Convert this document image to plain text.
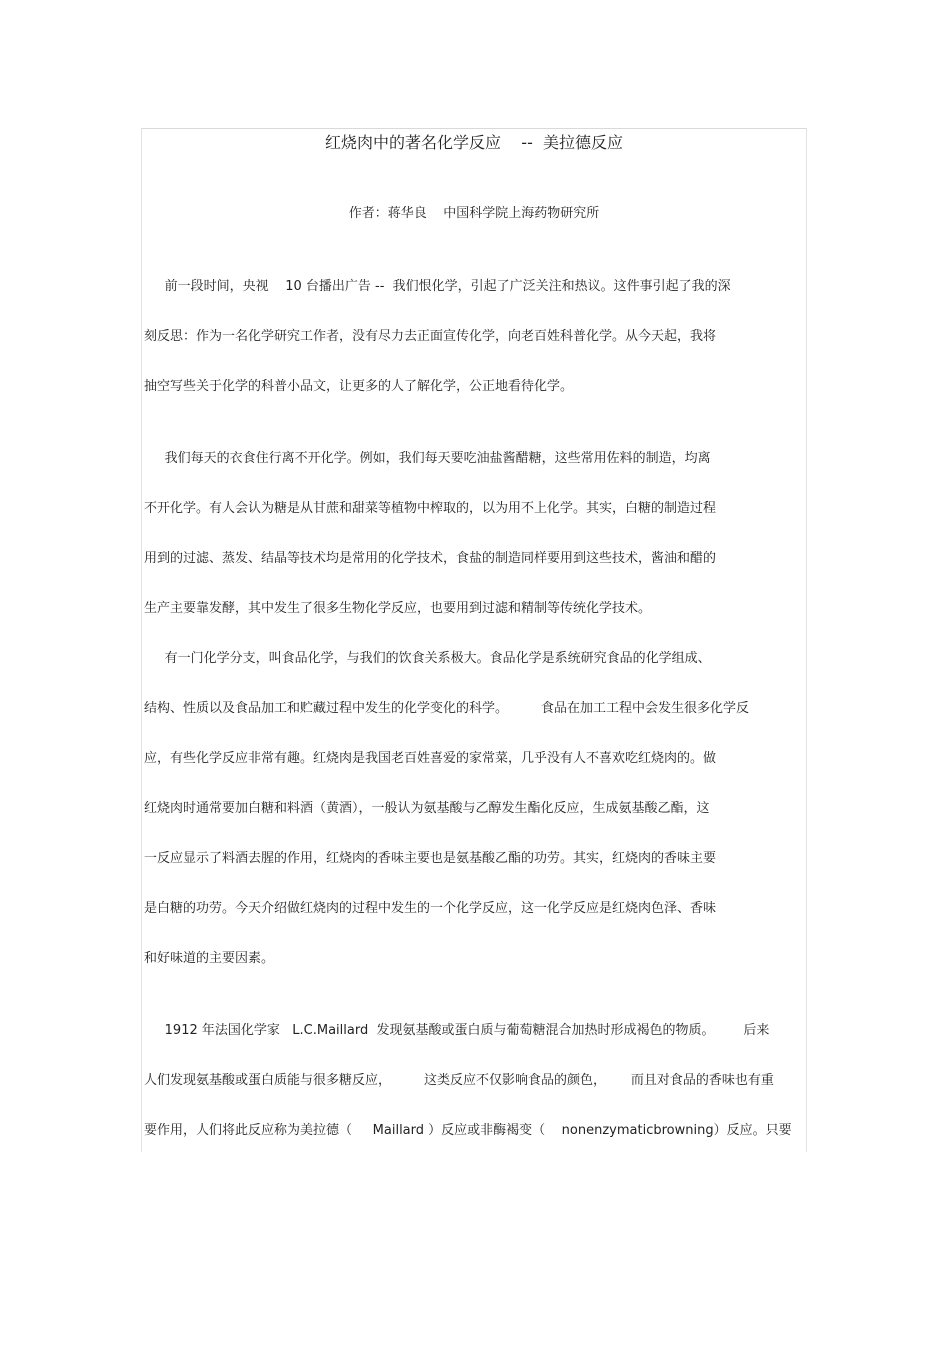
红烧肉中的著名化学反应    --  美拉德反应
作者：蒋华良    中国科学院上海药物研究所
前一段时间，央视    10 台播出广告 --  我们恨化学，引起了广泛关注和热议。这件事引起了我的深
刻反思：作为一名化学研究工作者，没有尽力去正面宣传化学，向老百姓科普化学。从今天起，我将
抽空写些关于化学的科普小品文，让更多的人了解化学，公正地看待化学。
我们每天的衣食住行离不开化学。例如，我们每天要吃油盐酱醋糖，这些常用佐料的制造，均离
不开化学。有人会认为糖是从甘蔗和甜菜等植物中榨取的，以为用不上化学。其实，白糖的制造过程
用到的过滤、蒸发、结晶等技术均是常用的化学技术，食盐的制造同样要用到这些技术，酱油和醋的
生产主要靠发酵，其中发生了很多生物化学反应，也要用到过滤和精制等传统化学技术。
有一门化学分支，叫食品化学，与我们的饮食关系极大。食品化学是系统研究食品的化学组成、
结构、性质以及食品加工和贮藏过程中发生的化学变化的科学。        食品在加工工程中会发生很多化学反
应，有些化学反应非常有趣。红烧肉是我国老百姓喜爱的家常菜，几乎没有人不喜欢吃红烧肉的。做
红烧肉时通常要加白糖和料酒（黄酒），一般认为氨基酸与乙醇发生酯化反应，生成氨基酸乙酯，这
一反应显示了料酒去腥的作用，红烧肉的香味主要也是氨基酸乙酯的功劳。其实，红烧肉的香味主要
是白糖的功劳。今天介绍做红烧肉的过程中发生的一个化学反应，这一化学反应是红烧肉色泽、香味
和好味道的主要因素。
1912 年法国化学家   L.C.Maillard  发现氨基酸或蛋白质与葡萄糖混合加热时形成褐色的物质。       后来
人们发现氨基酸或蛋白质能与很多糖反应，        这类反应不仅影响食品的颜色，      而且对食品的香味也有重
要作用，人们将此反应称为美拉德（     Maillard ）反应或非酶褐变（    nonenzymaticbrowning）反应。只要
